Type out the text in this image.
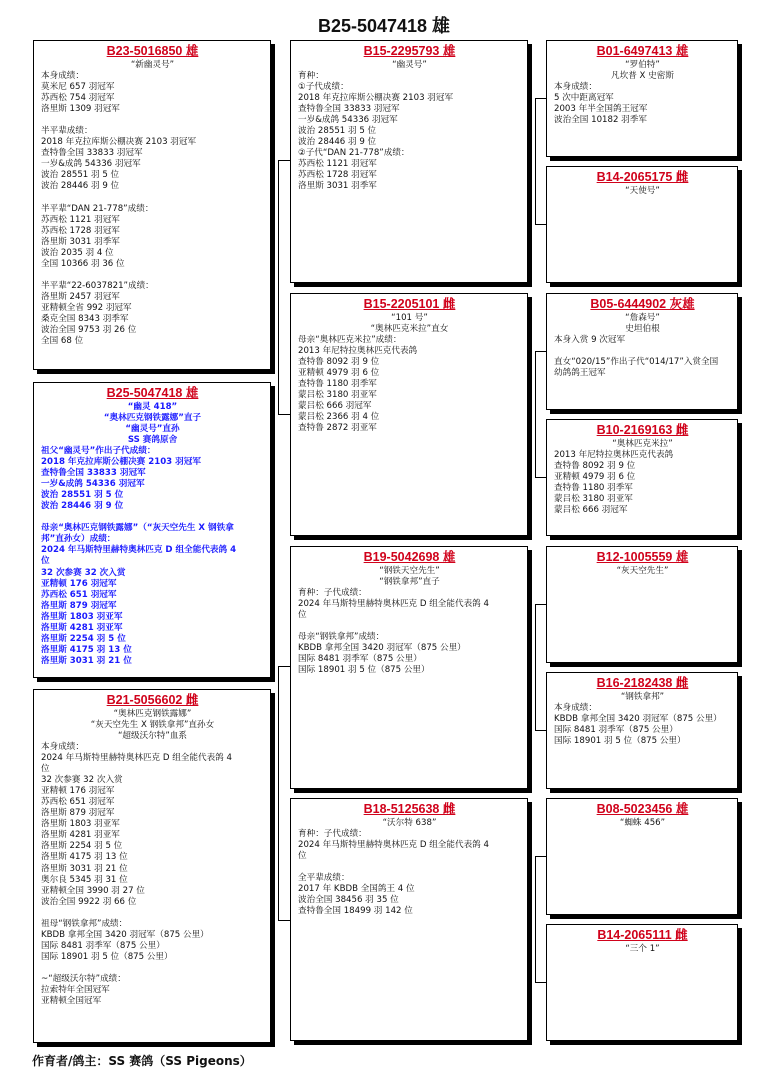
B25-5047418 雄
B23-5016850 雄
“新幽灵号”
本身成绩：
莫米尼 657 羽冠军
苏西松 754 羽冠军
洛里斯 1309 羽冠军

半平辈成绩：
2018 年克拉库斯公棚决赛 2103 羽冠军
查特鲁全国 33833 羽冠军
一岁&成鸽 54336 羽冠军
波治 28551 羽 5 位
波治 28446 羽 9 位

半平辈“DAN 21-778”成绩：
苏西松 1121 羽冠军
苏西松 1728 羽冠军
洛里斯 3031 羽季军
波治 2035 羽 4 位
全国 10366 羽 36 位

半平辈“22-6037821”成绩：
洛里斯 2457 羽冠军
亚精顿全省 992 羽冠军
桑克全国 8343 羽季军
波治全国 9753 羽 26 位
全国 68 位
B25-5047418 雄
“幽灵 418”
“奥林匹克钢铁露娜”直子
“幽灵号”直孙
SS 赛鸽原舍
祖父“幽灵号”作出子代成绩：
2018 年克拉库斯公棚决赛 2103 羽冠军
查特鲁全国 33833 羽冠军
一岁&成鸽 54336 羽冠军
波治 28551 羽 5 位
波治 28446 羽 9 位

母亲“奥林匹克钢铁露娜”（“灰天空先生 X 钢铁拿
邦”直孙女）成绩：
2024 年马斯特里赫特奥林匹克 D 组全能代表鸽 4
位
32 次参赛 32 次入赏
亚精顿 176 羽冠军
苏西松 651 羽冠军
洛里斯 879 羽冠军
洛里斯 1803 羽亚军
洛里斯 4281 羽亚军
洛里斯 2254 羽 5 位
洛里斯 4175 羽 13 位
洛里斯 3031 羽 21 位
B21-5056602 雌
“奥林匹克钢铁露娜”
“灰天空先生 X 钢铁拿邦”直孙女
“超级沃尔特”血系
本身成绩：
2024 年马斯特里赫特奥林匹克 D 组全能代表鸽 4
位
32 次参赛 32 次入赏
亚精顿 176 羽冠军
苏西松 651 羽冠军
洛里斯 879 羽冠军
洛里斯 1803 羽亚军
洛里斯 4281 羽亚军
洛里斯 2254 羽 5 位
洛里斯 4175 羽 13 位
洛里斯 3031 羽 21 位
奥尔良 5345 羽 31 位
亚精顿全国 3990 羽 27 位
波治全国 9922 羽 66 位

祖母“钢铁拿邦”成绩：
KBDB 拿邦全国 3420 羽冠军（875 公里）
国际 8481 羽季军（875 公里）
国际 18901 羽 5 位（875 公里）

~“超级沃尔特”成绩：
拉索特年全国冠军
亚精顿全国冠军
B15-2295793 雄
“幽灵号”
育种：
①子代成绩：
2018 年克拉库斯公棚决赛 2103 羽冠军
查特鲁全国 33833 羽冠军
一岁&成鸽 54336 羽冠军
波治 28551 羽 5 位
波治 28446 羽 9 位
②子代“DAN 21-778”成绩：
苏西松 1121 羽冠军
苏西松 1728 羽冠军
洛里斯 3031 羽季军
B15-2205101 雌
“101 号”
“奥林匹克米拉”直女
母亲“奥林匹克米拉”成绩：
2013 年尼特拉奥林匹克代表鸽
查特鲁 8092 羽 9 位
亚精顿 4979 羽 6 位
查特鲁 1180 羽季军
蒙吕松 3180 羽亚军
蒙吕松 666 羽冠军
蒙吕松 2366 羽 4 位
查特鲁 2872 羽亚军
B19-5042698 雄
“钢铁天空先生”
“钢铁拿邦”直子
育种：子代成绩：
2024 年马斯特里赫特奥林匹克 D 组全能代表鸽 4
位

母亲“钢铁拿邦”成绩：
KBDB 拿邦全国 3420 羽冠军（875 公里）
国际 8481 羽季军（875 公里）
国际 18901 羽 5 位（875 公里）
B18-5125638 雌
“沃尔特 638”
育种：子代成绩：
2024 年马斯特里赫特奥林匹克 D 组全能代表鸽 4
位

全平辈成绩：
2017 年 KBDB 全国鸽王 4 位
波治全国 38456 羽 35 位
查特鲁全国 18499 羽 142 位
B01-6497413 雄
“罗伯特”
凡坎普 X 史密斯
本身成绩：
5 次中距离冠军
2003 年半全国鸽王冠军
波治全国 10182 羽季军
B14-2065175 雌
“天使号”
B05-6444902 灰雄
“詹森号”
史坦伯根
本身入赏 9 次冠军

直女“020/15”作出子代“014/17”入赏全国
幼鸽鸽王冠军
B10-2169163 雌
“奥林匹克米拉”
2013 年尼特拉奥林匹克代表鸽
查特鲁 8092 羽 9 位
亚精顿 4979 羽 6 位
查特鲁 1180 羽季军
蒙吕松 3180 羽亚军
蒙吕松 666 羽冠军
B12-1005559 雄
“灰天空先生”
B16-2182438 雌
“钢铁拿邦”
本身成绩：
KBDB 拿邦全国 3420 羽冠军（875 公里）
国际 8481 羽季军（875 公里）
国际 18901 羽 5 位（875 公里）
B08-5023456 雄
“蜘蛛 456”
B14-2065111 雌
“三个 1”
作育者/鸽主：SS 赛鸽（SS Pigeons）
